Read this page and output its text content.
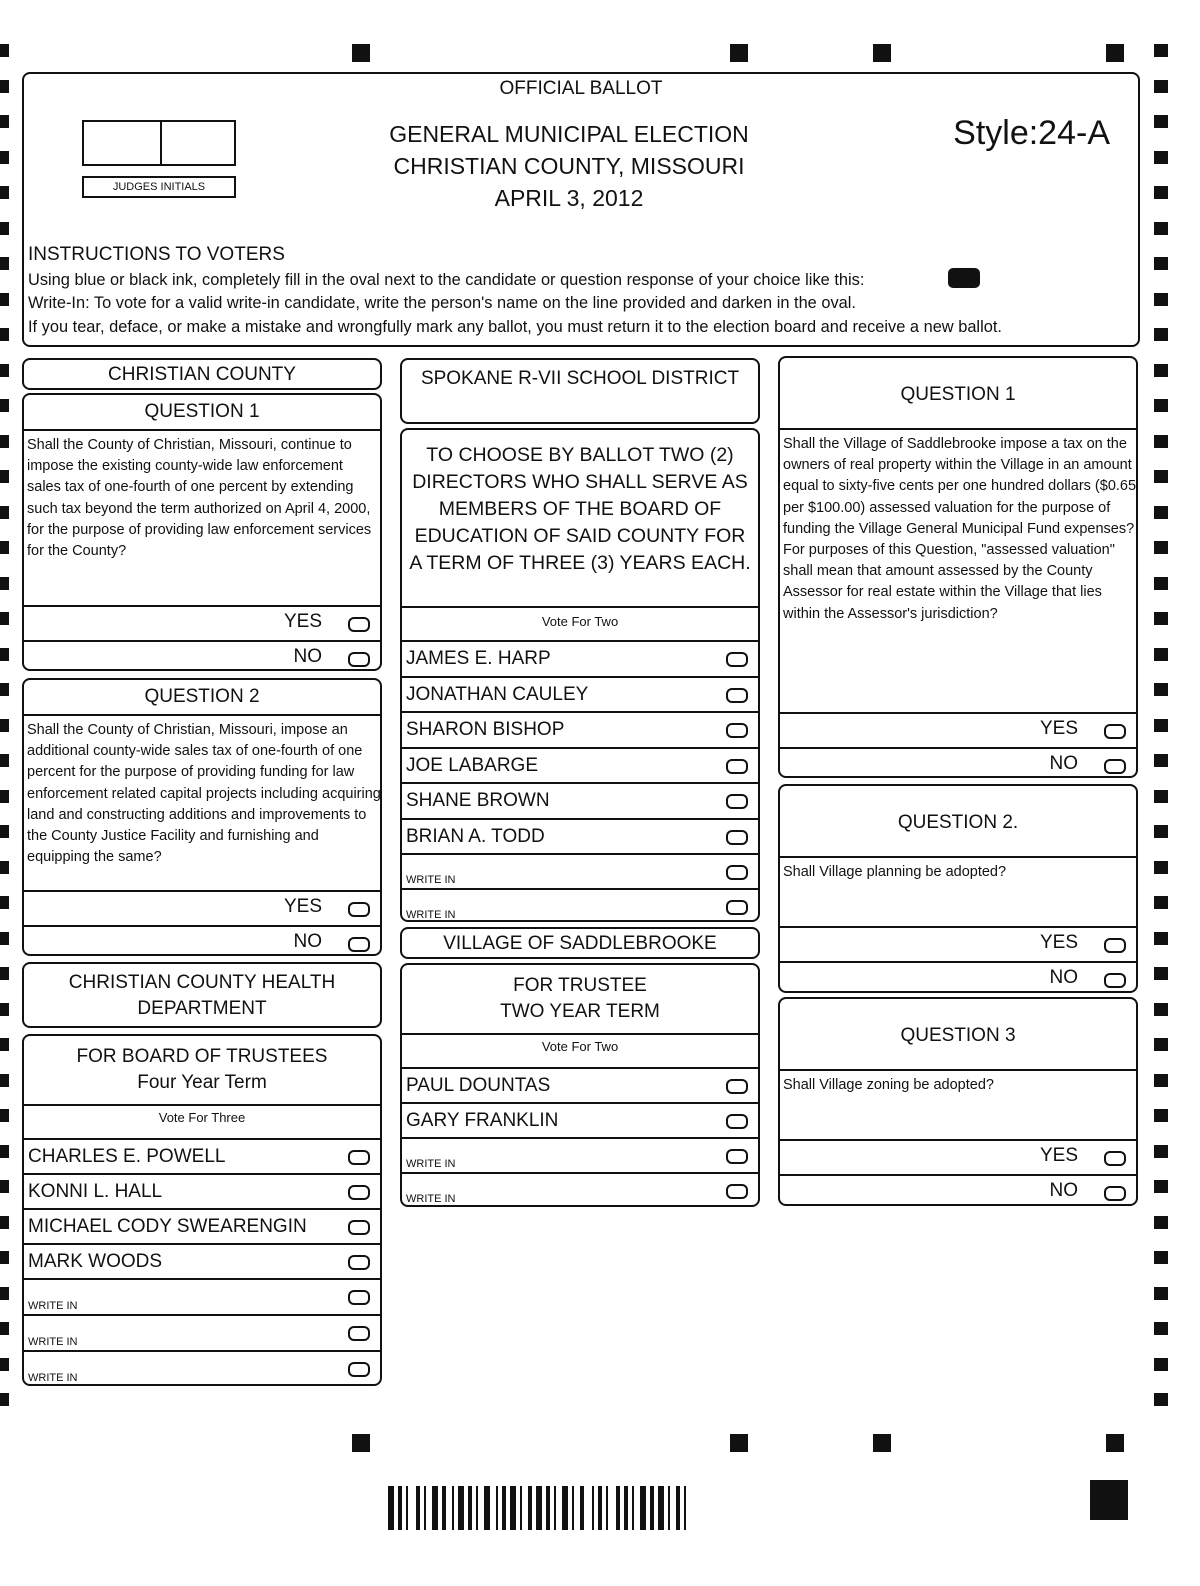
OFFICIAL BALLOT
GENERAL MUNICIPAL ELECTION
CHRISTIAN COUNTY, MISSOURI
APRIL 3, 2012
Style:24-A
JUDGES INITIALS
INSTRUCTIONS TO VOTERS
Using blue or black ink, completely fill in the oval next to the candidate or question response of your choice like this:
Write-In: To vote for a valid write-in candidate, write the person's name on the line provided and darken in the oval.
If you tear, deface, or make a mistake and wrongfully mark any ballot, you must return it to the election board and receive a new ballot.
CHRISTIAN COUNTY
QUESTION 1
Shall the County of Christian, Missouri, continue to impose the existing county-wide law enforcement sales tax of one-fourth of one percent by extending such tax beyond the term authorized on April 4, 2000, for the purpose of providing law enforcement services for the County?
YES
NO
QUESTION 2
Shall the County of Christian, Missouri, impose an additional county-wide sales tax of one-fourth of one percent for the purpose of providing funding for law enforcement related capital projects including acquiring land and constructing additions and improvements to the County Justice Facility and furnishing and equipping the same?
YES
NO
CHRISTIAN COUNTY HEALTH
DEPARTMENT
FOR BOARD OF TRUSTEES
Four Year Term
Vote For Three
CHARLES E. POWELL
KONNI L. HALL
MICHAEL CODY SWEARENGIN
MARK WOODS
WRITE IN
WRITE IN
WRITE IN
SPOKANE R-VII SCHOOL DISTRICT
TO CHOOSE BY BALLOT TWO (2)
DIRECTORS WHO SHALL SERVE AS
MEMBERS OF THE BOARD OF
EDUCATION OF SAID COUNTY FOR
A TERM OF THREE (3) YEARS EACH.
Vote For Two
JAMES E. HARP
JONATHAN CAULEY
SHARON BISHOP
JOE LABARGE
SHANE BROWN
BRIAN A. TODD
WRITE IN
WRITE IN
VILLAGE OF SADDLEBROOKE
FOR TRUSTEE
TWO YEAR TERM
Vote For Two
PAUL DOUNTAS
GARY FRANKLIN
WRITE IN
WRITE IN
QUESTION 1
Shall the Village of Saddlebrooke impose a tax on the owners of real property within the Village in an amount equal to sixty-five cents per one hundred dollars ($0.65 per $100.00) assessed valuation for the purpose of funding the Village General Municipal Fund expenses? For purposes of this Question, "assessed valuation" shall mean that amount assessed by the County Assessor for real estate within the Village that lies within the Assessor's jurisdiction?
YES
NO
QUESTION 2.
Shall Village planning be adopted?
YES
NO
QUESTION 3
Shall Village zoning be adopted?
YES
NO
